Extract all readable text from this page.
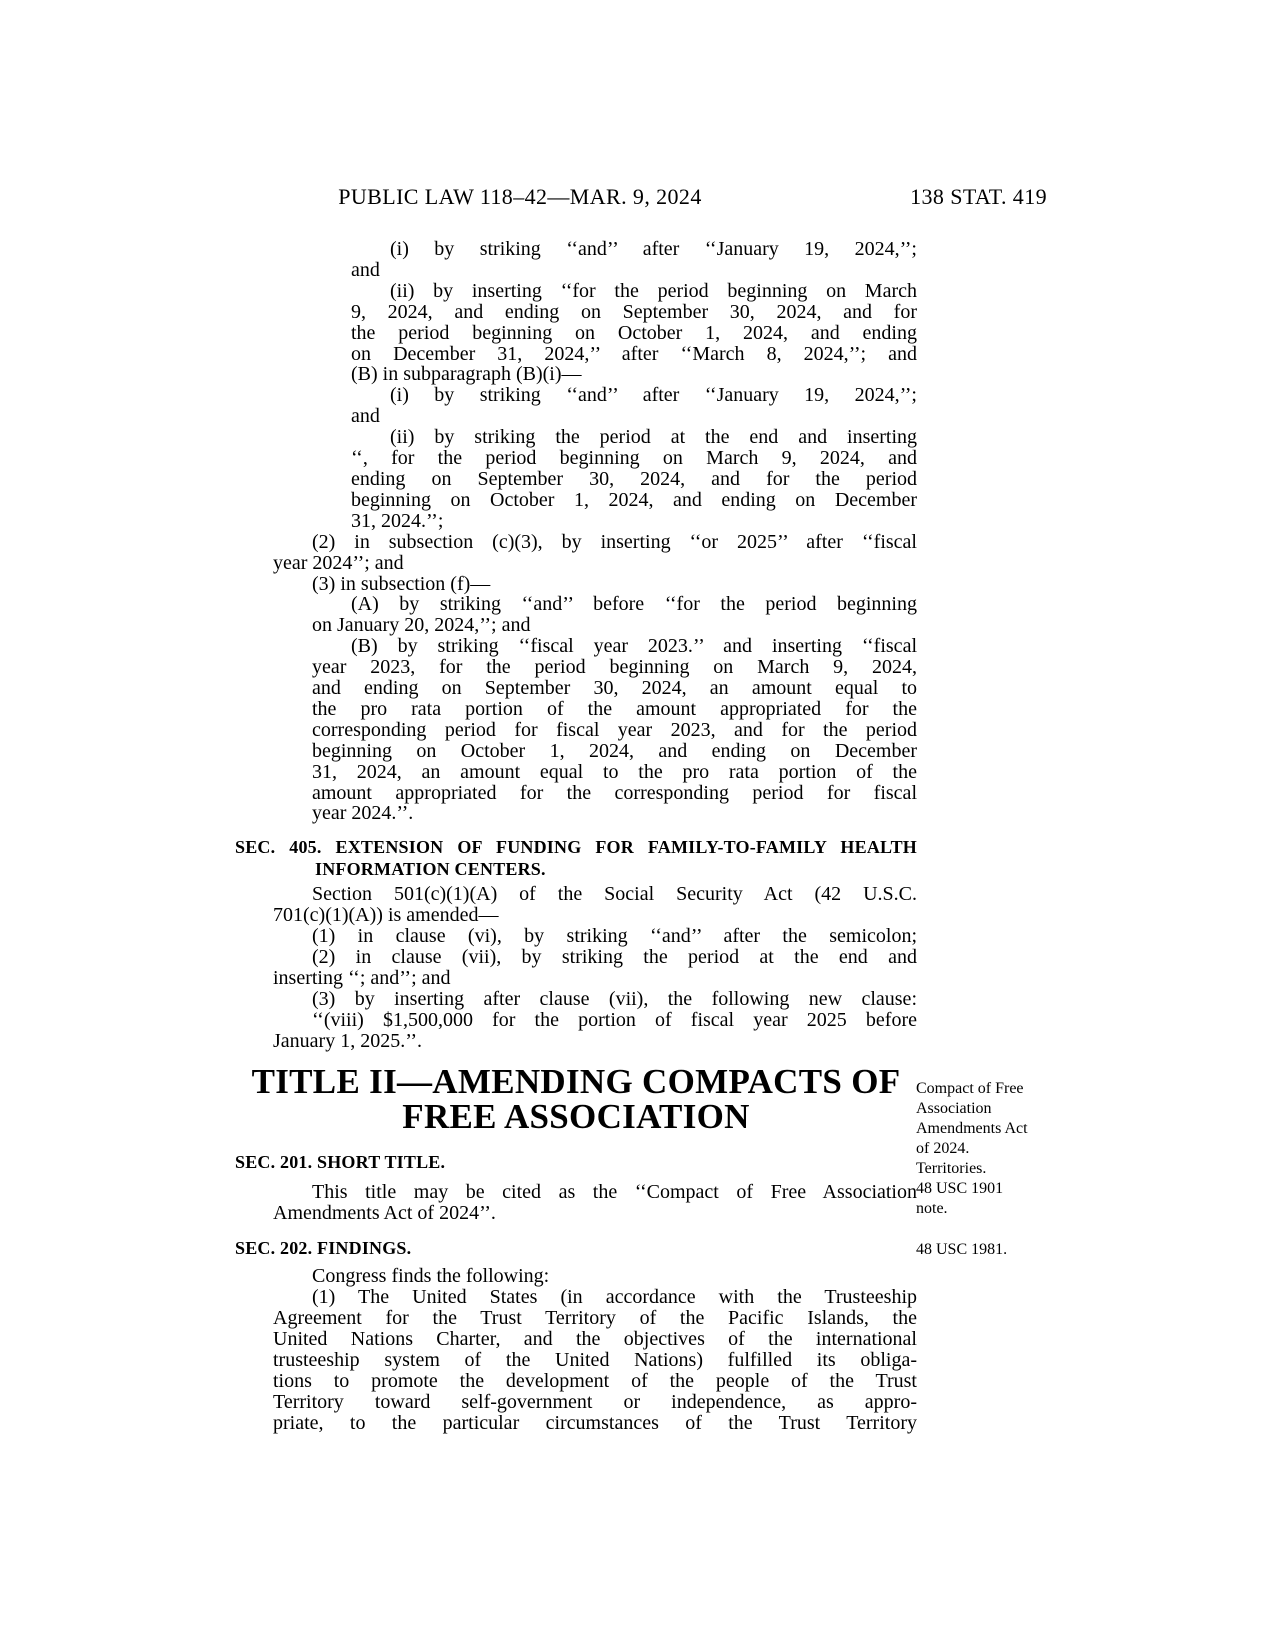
PUBLIC LAW 118–42—MAR. 9, 2024	138 STAT. 419
(i) by striking ‘‘and’’ after ‘‘January 19, 2024,’’;
and
(ii) by inserting ‘‘for the period beginning on March
9, 2024, and ending on September 30, 2024, and for
the period beginning on October 1, 2024, and ending
on December 31, 2024,’’ after ‘‘March 8, 2024,’’; and
(B) in subparagraph (B)(i)—
(i) by striking ‘‘and’’ after ‘‘January 19, 2024,’’;
and
(ii) by striking the period at the end and inserting
‘‘, for the period beginning on March 9, 2024, and
ending on September 30, 2024, and for the period
beginning on October 1, 2024, and ending on December
31, 2024.’’;
(2) in subsection (c)(3), by inserting ‘‘or 2025’’ after ‘‘fiscal
year 2024’’; and
(3) in subsection (f)—
(A) by striking ‘‘and’’ before ‘‘for the period beginning
on January 20, 2024,’’; and
(B) by striking ‘‘fiscal year 2023.’’ and inserting ‘‘fiscal
year 2023, for the period beginning on March 9, 2024,
and ending on September 30, 2024, an amount equal to
the pro rata portion of the amount appropriated for the
corresponding period for fiscal year 2023, and for the period
beginning on October 1, 2024, and ending on December
31, 2024, an amount equal to the pro rata portion of the
amount appropriated for the corresponding period for fiscal
year 2024.’’.
SEC. 405. EXTENSION OF FUNDING FOR FAMILY-TO-FAMILY HEALTH
INFORMATION CENTERS.
Section 501(c)(1)(A) of the Social Security Act (42 U.S.C.
701(c)(1)(A)) is amended—
(1) in clause (vi), by striking ‘‘and’’ after the semicolon;
(2) in clause (vii), by striking the period at the end and
inserting ‘‘; and’’; and
(3) by inserting after clause (vii), the following new clause:
‘‘(viii) $1,500,000 for the portion of fiscal year 2025 before
January 1, 2025.’’.
TITLE II—AMENDING COMPACTS OF
FREE ASSOCIATION
SEC. 201. SHORT TITLE.
This title may be cited as the ‘‘Compact of Free Association
Amendments Act of 2024’’.
SEC. 202. FINDINGS.
Congress finds the following:
(1) The United States (in accordance with the Trusteeship
Agreement for the Trust Territory of the Pacific Islands, the
United Nations Charter, and the objectives of the international
trusteeship system of the United Nations) fulfilled its obliga-
tions to promote the development of the people of the Trust
Territory toward self-government or independence, as appro-
priate, to the particular circumstances of the Trust Territory
Compact of Free
Association
Amendments Act
of 2024.
Territories.
48 USC 1901
note.
48 USC 1981.
